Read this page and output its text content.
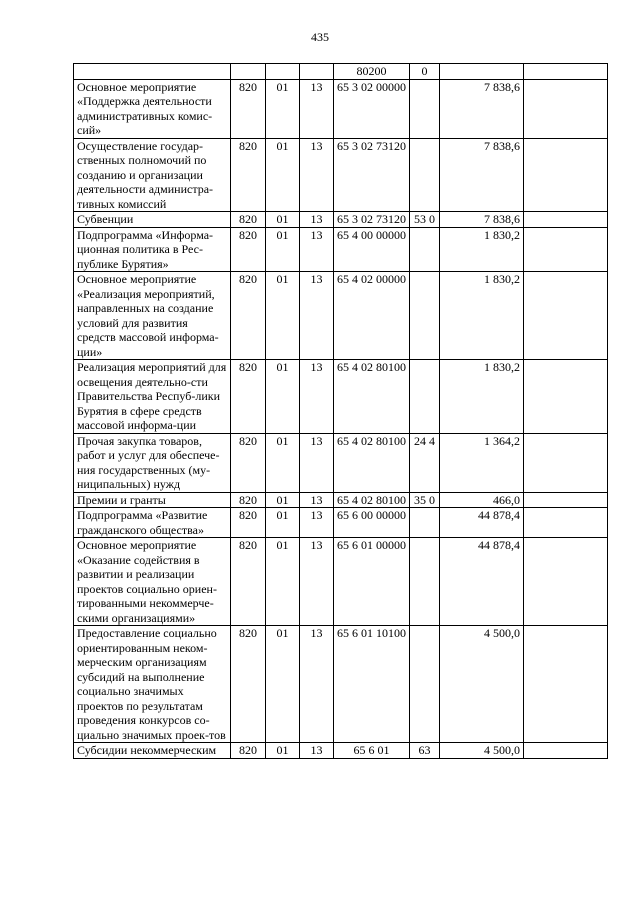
435
				80200	0		
Основное мероприятие «Поддержка деятельности административных комис-сий»	820	01	13	65 3 02 00000		7 838,6	
Осуществление государ-ственных полномочий по созданию и организации деятельности администра-тивных комиссий	820	01	13	65 3 02 73120		7 838,6	
Субвенции	820	01	13	65 3 02 73120	53 0	7 838,6	
Подпрограмма «Информа-ционная политика в Рес-публике Бурятия»	820	01	13	65 4 00 00000		1 830,2	
Основное мероприятие «Реализация мероприятий, направленных на создание условий для развития средств массовой информа-ции»	820	01	13	65 4 02 00000		1 830,2	
Реализация мероприятий для освещения деятельно-сти Правительства Респуб-лики Бурятия в сфере средств массовой информа-ции	820	01	13	65 4 02 80100		1 830,2	
Прочая закупка товаров, работ и услуг для обеспече-ния государственных (му-ниципальных) нужд	820	01	13	65 4 02 80100	24 4	1 364,2	
Премии и гранты	820	01	13	65 4 02 80100	35 0	466,0	
Подпрограмма «Развитие гражданского общества»	820	01	13	65 6 00 00000		44 878,4	
Основное мероприятие «Оказание содействия в развитии и реализации проектов социально ориен-тированными некоммерче-скими организациями»	820	01	13	65 6 01 00000		44 878,4	
Предоставление социально ориентированным неком-мерческим организациям субсидий на выполнение социально значимых проектов по результатам проведения конкурсов со-циально значимых проек-тов	820	01	13	65 6 01 10100		4 500,0	
Субсидии некоммерческим	820	01	13	65 6 01	63	4 500,0	
